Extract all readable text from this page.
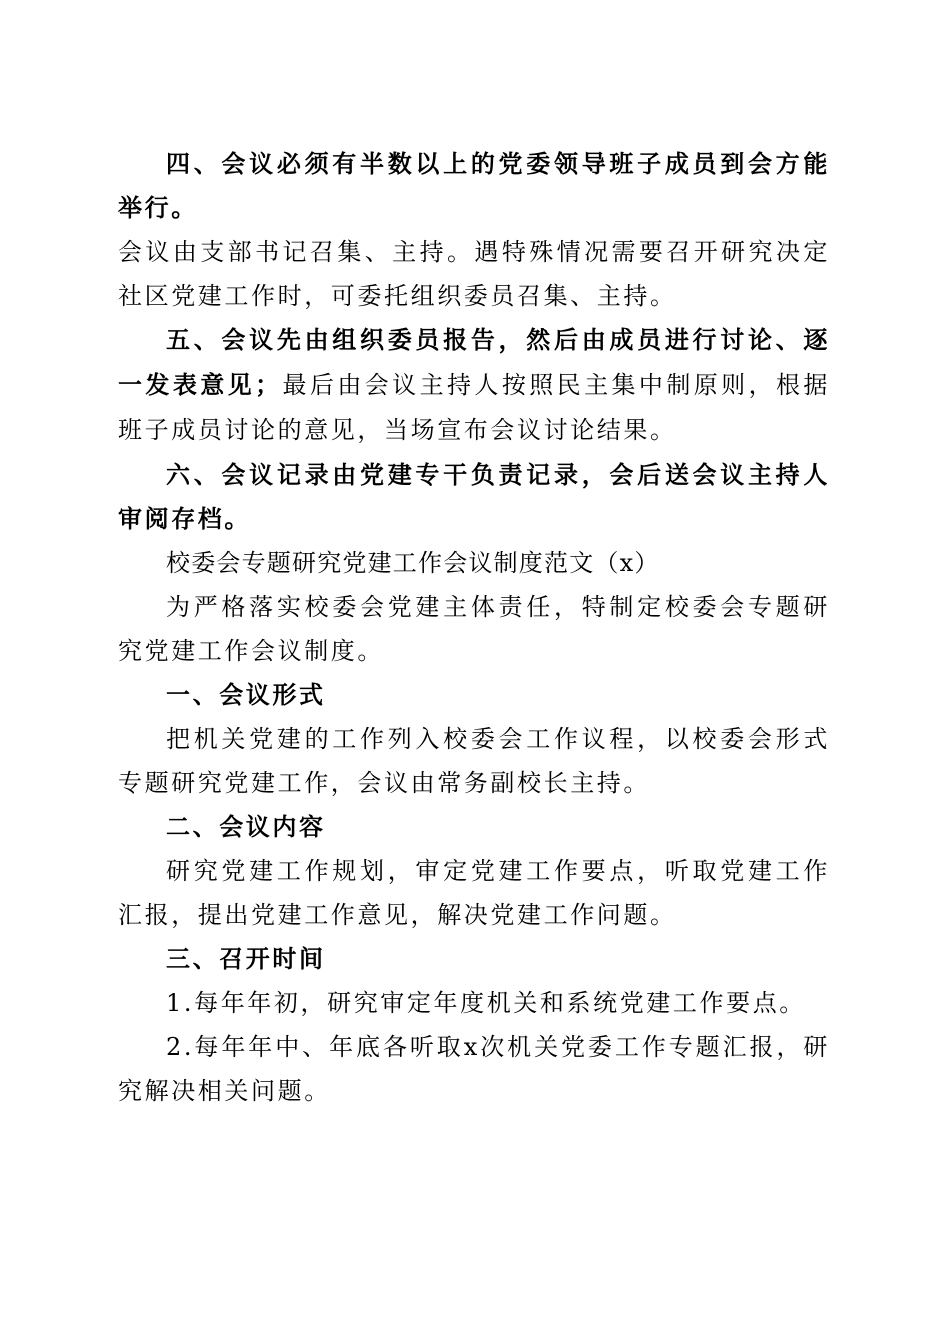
四、会议必须有半数以上的党委领导班子成员到会方能举行。

会议由支部书记召集、主持。遇特殊情况需要召开研究决定社区党建工作时，可委托组织委员召集、主持。

五、会议先由组织委员报告，然后由成员进行讨论、逐一发表意见；最后由会议主持人按照民主集中制原则，根据班子成员讨论的意见，当场宣布会议讨论结果。

六、会议记录由党建专干负责记录，会后送会议主持人审阅存档。

校委会专题研究党建工作会议制度范文（x）

为严格落实校委会党建主体责任，特制定校委会专题研究党建工作会议制度。

一、会议形式

把机关党建的工作列入校委会工作议程，以校委会形式专题研究党建工作，会议由常务副校长主持。

二、会议内容

研究党建工作规划，审定党建工作要点，听取党建工作汇报，提出党建工作意见，解决党建工作问题。

三、召开时间

1.每年年初，研究审定年度机关和系统党建工作要点。

2.每年年中、年底各听取x次机关党委工作专题汇报，研究解决相关问题。
